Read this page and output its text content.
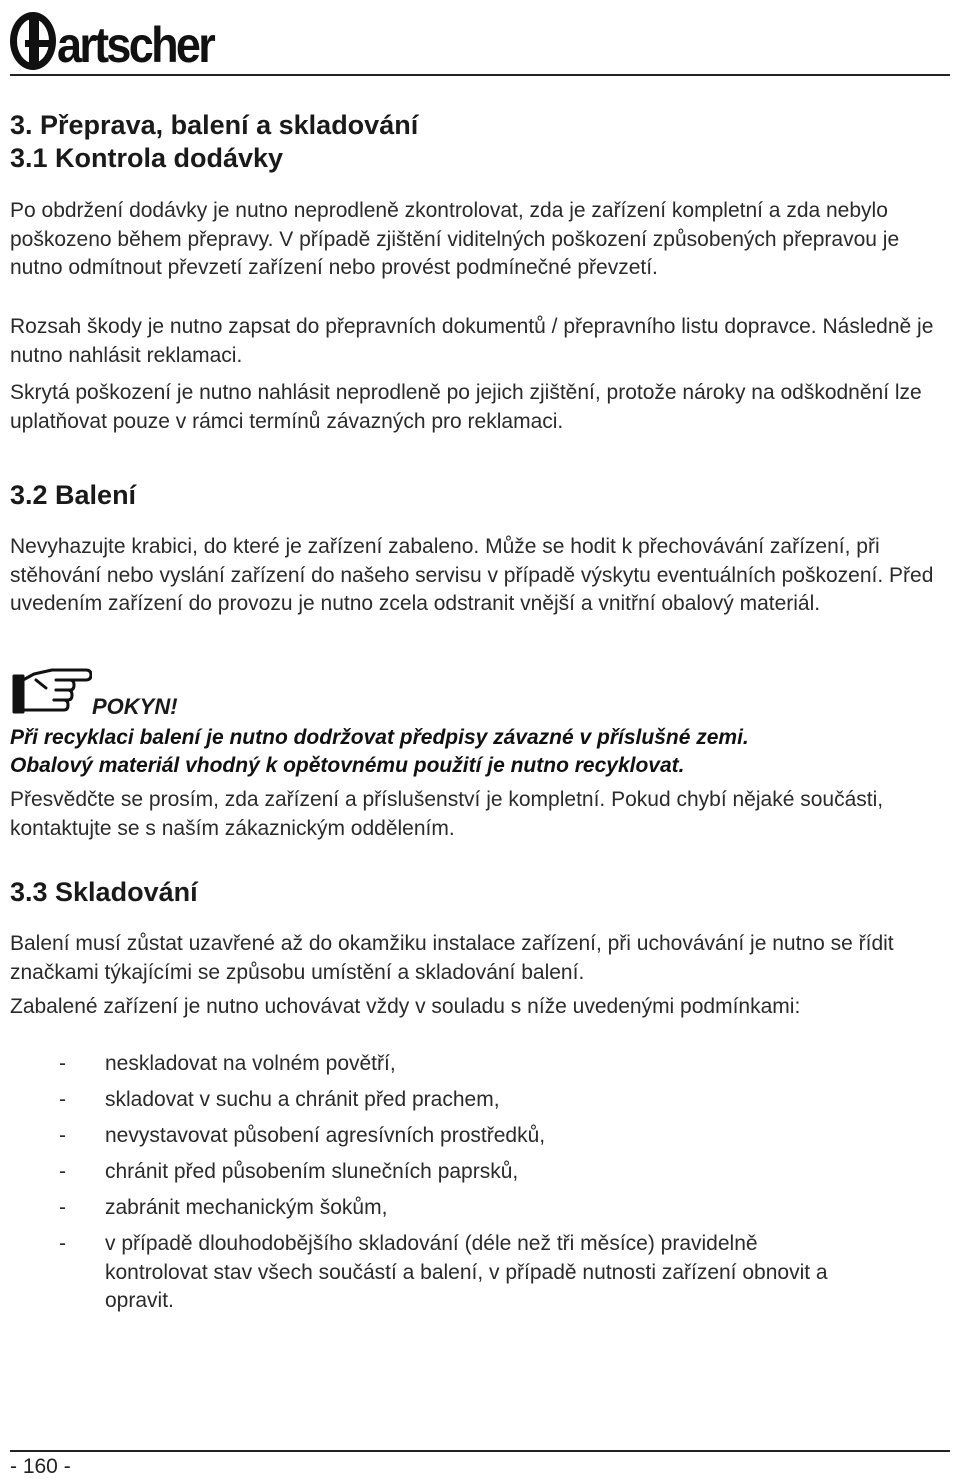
artscher
3. Přeprava, balení a skladování
3.1 Kontrola dodávky

Po obdržení dodávky je nutno neprodleně zkontrolovat, zda je zařízení kompletní a zda nebylo poškozeno během přepravy. V případě zjištění viditelných poškození způsobených přepravou je nutno odmítnout převzetí zařízení nebo provést podmínečné převzetí.

Rozsah škody je nutno zapsat do přepravních dokumentů / přepravního listu dopravce. Následně je nutno nahlásit reklamaci.

Skrytá poškození je nutno nahlásit neprodleně po jejich zjištění, protože nároky na odškodnění lze uplatňovat pouze v rámci termínů závazných pro reklamaci.

3.2 Balení

Nevyhazujte krabici, do které je zařízení zabaleno. Může se hodit k přechovávání zařízení, při stěhování nebo vyslání zařízení do našeho servisu v případě výskytu eventuálních poškození. Před uvedením zařízení do provozu je nutno zcela odstranit vnější a vnitřní obalový materiál.

POKYN!

Při recyklaci balení je nutno dodržovat předpisy závazné v příslušné zemi.

Obalový materiál vhodný k opětovnému použití je nutno recyklovat.

Přesvědčte se prosím, zda zařízení a příslušenství je kompletní. Pokud chybí nějaké součásti, kontaktujte se s naším zákaznickým oddělením.

3.3 Skladování

Balení musí zůstat uzavřené až do okamžiku instalace zařízení, při uchovávání je nutno se řídit značkami týkajícími se způsobu umístění a skladování balení.

Zabalené zařízení je nutno uchovávat vždy v souladu s níže uvedenými podmínkami:

- neskladovat na volném povětří,
- skladovat v suchu a chránit před prachem,
- nevystavovat působení agresívních prostředků,
- chránit před působením slunečních paprsků,
- zabránit mechanickým šokům,
- v případě dlouhodobějšího skladování (déle než tři měsíce) pravidelně kontrolovat stav všech součástí a balení, v případě nutnosti zařízení obnovit a opravit.
- 160 -
